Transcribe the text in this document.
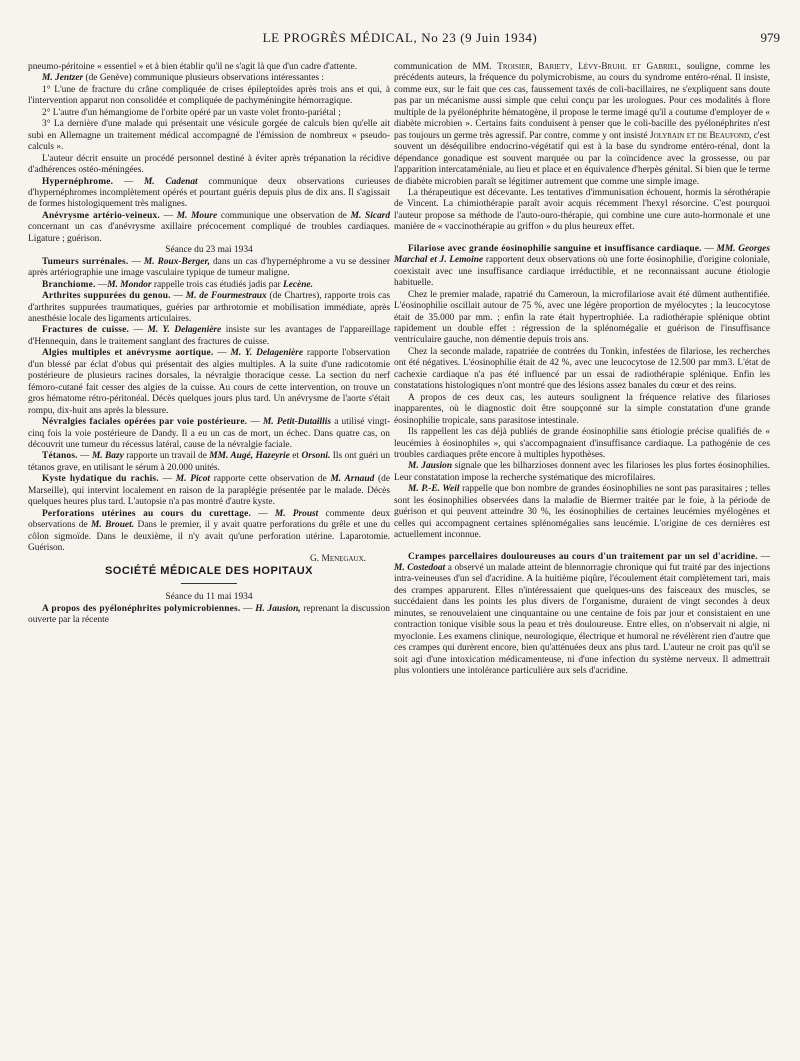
LE PROGRÈS MÉDICAL, No 23 (9 Juin 1934)	979

pneumo-péritoine « essentiel » et à bien établir qu'il ne s'agit là que d'un cadre d'attente.

M. Jentzer (de Genève) communique plusieurs observations intéressantes :

1° L'une de fracture du crâne compliquée de crises épileptoïdes après trois ans et qui, à l'intervention apparut non consolidée et compliquée de pachyméningite hémorragique.

2° L'autre d'un hémangiome de l'orbite opéré par un vaste volet fronto-pariétal ;

3° La dernière d'une malade qui présentait une vésicule gorgée de calculs bien qu'elle ait subi en Allemagne un traitement médical accompagné de l'émission de nombreux « pseudo-calculs ».

L'auteur décrit ensuite un procédé personnel destiné à éviter après trépanation la récidive d'adhérences ostéo-méningées.

Hypernéphrome. — M. Cadenat communique deux observations curieuses d'hypernéphromes incomplètement opérés et pourtant guéris depuis plus de dix ans. Il s'agissait de formes histologiquement très malignes.

Anévrysme artério-veineux. — M. Moure communique une observation de M. Sicard concernant un cas d'anévrysme axillaire précocement compliqué de troubles cardiaques. Ligature ; guérison.

Séance du 23 mai 1934

Tumeurs surrénales. — M. Roux-Berger, dans un cas d'hypernéphrome a vu se dessiner après artériographie une image vasculaire typique de tumeur maligne.

Branchiome. —M. Mondor rappelle trois cas étudiés jadis par Lecène.

Arthrites suppurées du genou. — M. de Fourmestraux (de Chartres), rapporte trois cas d'arthrites suppurées traumatiques, guéries par arthrotomie et mobilisation immédiate, après anesthésie locale des ligaments articulaires.

Fractures de cuisse. — M. Y. Delagenière insiste sur les avantages de l'appareillage d'Hennequin, dans le traitement sanglant des fractures de cuisse.

Algies multiples et anévrysme aortique. — M. Y. Delagenière rapporte l'observation d'un blessé par éclat d'obus qui présentait des algies multiples. A la suite d'une radicotomie postérieure de plusieurs racines dorsales, la névralgie thoracique cesse. La section du nerf fémoro-cutané fait cesser des algies de la cuisse. Au cours de cette intervention, on trouve un gros hématome rétro-péritonéal. Décès quelques jours plus tard. Un anévrysme de l'aorte s'était rompu, dix-huit ans après la blessure.

Névralgies faciales opérées par voie postérieure. — M. Petit-Dutaillis a utilisé vingt-cinq fois la voie postérieure de Dandy. Il a eu un cas de mort, un échec. Dans quatre cas, on découvrit une tumeur du récessus latéral, cause de la névralgie faciale.

Tétanos. — M. Bazy rapporte un travail de MM. Augé, Hazeyrie et Orsoni. Ils ont guéri un tétanos grave, en utilisant le sérum à 20.000 unités.

Kyste hydatique du rachis. — M. Picot rapporte cette observation de M. Arnaud (de Marseille), qui intervint localement en raison de la paraplégie présentée par le malade. Décès quelques heures plus tard. L'autopsie n'a pas montré d'autre kyste.

Perforations utérines au cours du curettage. — M. Proust commente deux observations de M. Brouet. Dans le premier, il y avait quatre perforations du grêle et une du côlon sigmoïde. Dans le deuxième, il n'y avait qu'une perforation utérine. Laparotomie. Guérison.

G. Menegaux.

SOCIÉTÉ MÉDICALE DES HOPITAUX

Séance du 11 mai 1934

A propos des pyélonéphrites polymicrobiennes. — H. Jausion, reprenant la discussion ouverte par la récente

communication de MM. Troisier, Bariety, Lévy-Bruhl et Gabriel, souligne, comme les précédents auteurs, la fréquence du polymicrobisme, au cours du syndrome entéro-rénal. Il insiste, comme eux, sur le fait que ces cas, faussement taxés de coli-bacillaires, ne s'expliquent sans doute pas par un mécanisme aussi simple que celui conçu par les urologues. Pour ces modalités à flore multiple de la pyélonéphrite hématogène, il propose le terme imagé qu'il a coutume d'employer de « diabète microbien ». Certains faits conduisent à penser que le coli-bacille des pyélonéphrites n'est pas toujours un germe très agressif. Par contre, comme y ont insisté Jolyrain et de Beaufond, c'est souvent un déséquilibre endocrino-végétatif qui est à la base du syndrome entéro-rénal, dont la dépendance gonadique est souvent marquée ou par la coïncidence avec la grossesse, ou par l'apparition intercataméniale, au lieu et place et en équivalence d'herpès génital. Si bien que le terme de diabète microbien paraît se légitimer autrement que comme une simple image.

La thérapeutique est décevante. Les tentatives d'immunisation échouent, hormis la sérothérapie de Vincent. La chimiothérapie paraît avoir acquis récemment l'hexyl résorcine. C'est pourquoi l'auteur propose sa méthode de l'auto-ouro-thérapie, qui combine une cure auto-hormonale et une manière de « vaccinothérapie au griffon » du plus heureux effet.

Filariose avec grande éosinophilie sanguine et insuffisance cardiaque. — MM. Georges Marchal et J. Lemoine rapportent deux observations où une forte éosinophilie, d'origine coloniale, coexistait avec une insuffisance cardiaque irréductible, et ne reconnaissant aucune étiologie habituelle.

Chez le premier malade, rapatrié du Cameroun, la microfilariose avait été dûment authentifiée. L'éosinophilie oscillait autour de 75 %, avec une légère proportion de myélocytes ; la leucocytose était de 35.000 par mm. ; enfin la rate était hypertrophiée. La radiothérapie splénique obtint rapidement un double effet : régression de la splénomégalie et guérison de l'insuffisance ventriculaire gauche, non démentie depuis trois ans.

Chez la seconde malade, rapatriée de contrées du Tonkin, infestées de filariose, les recherches ont été négatives. L'éosinophilie était de 42 %, avec une leucocytose de 12.500 par mm3. L'état de cachexie cardiaque n'a pas été influencé par un essai de radiothérapie splénique. Enfin les constatations histologiques n'ont montré que des lésions assez banales du cœur et des reins.

A propos de ces deux cas, les auteurs soulignent la fréquence relative des filarioses inapparentes, où le diagnostic doit être soupçonné sur la simple constatation d'une grande éosinophilie tropicale, sans parasitose intestinale.

Ils rappellent les cas déjà publiés de grande éosinophilie sans étiologie précise qualifiés de « leucémies à éosinophiles », qui s'accompagnaient d'insuffisance cardiaque. La pathogénie de ces troubles cardiaques prête encore à multiples hypothèses.

M. Jausion signale que les bilharzioses donnent avec les filarioses les plus fortes éosinophilies. Leur constatation impose la recherche systématique des microfilaires.

M. P.-E. Weil rappelle que bon nombre de grandes éosinophilies ne sont pas parasitaires ; telles sont les éosinophilies observées dans la maladie de Biermer traitée par le foie, à la période de guérison et qui peuvent atteindre 30 %, les éosinophilies de certaines leucémies myélogènes et celles qui accompagnent certaines splénomégalies sans leucémie. L'origine de ces dernières est actuellement inconnue.

Crampes parcellaires douloureuses au cours d'un traitement par un sel d'acridine. — M. Costedoat a observé un malade atteint de blennorragie chronique qui fut traité par des injections intra-veineuses d'un sel d'acridine. A la huitième piqûre, l'écoulement était complètement tari, mais des crampes apparurent. Elles n'intéressaient que quelques-uns des faisceaux des muscles, se succédaient dans les points les plus divers de l'organisme, duraient de vingt secondes à deux minutes, se renouvelaient une cinquantaine ou une centaine de fois par jour et consistaient en une contraction tonique visible sous la peau et très douloureuse. Entre elles, on n'observait ni algie, ni myoclonie. Les examens clinique, neurologique, électrique et humoral ne révélèrent rien d'autre que ces crampes qui durèrent encore, bien qu'atténuées deux ans plus tard. L'auteur ne croit pas qu'il se soit agi d'une intoxication médicamenteuse, ni d'une infection du système nerveux. Il admettrait plus volontiers une intolérance particulière aux sels d'acridine.
